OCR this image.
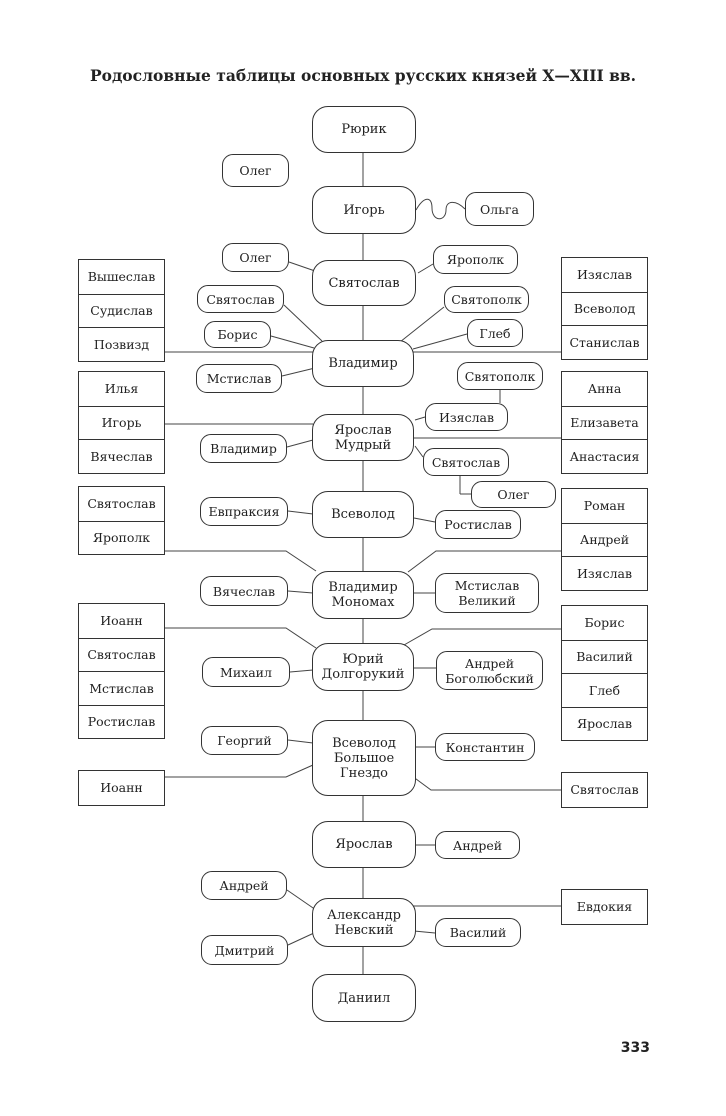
Родословные таблицы основных русских князей X—XIII вв.
Рюрик
Игорь
Святослав
Владимир
Ярослав Мудрый
Всеволод
Владимир Мономах
Юрий Долгорукий
Всеволод Большое Гнездо
Ярослав
Александр Невский
Даниил
Олег
Ольга
Олег	Ярополк
Святослав	Святополк
Борис	Глеб
Мстислав	Святополк
Изяслав
Владимир
Святослав
Олег
Евпраксия
Ростислав
Вячеслав	Мстислав Великий
Михаил
Андрей Боголюбский
Георгий	Константин
Андрей
Андрей
Дмитрий
Василий
Вышеслав
Судислав
Позвизд
Изяслав
Всеволод
Станислав
Илья
Игорь
Вячеслав
Анна
Елизавета
Анастасия
Святослав
Ярополк
Роман
Андрей
Изяслав
Иоанн
Святослав
Мстислав
Ростислав
Борис
Василий
Глеб
Ярослав
Иоанн	Святослав
Евдокия
333
